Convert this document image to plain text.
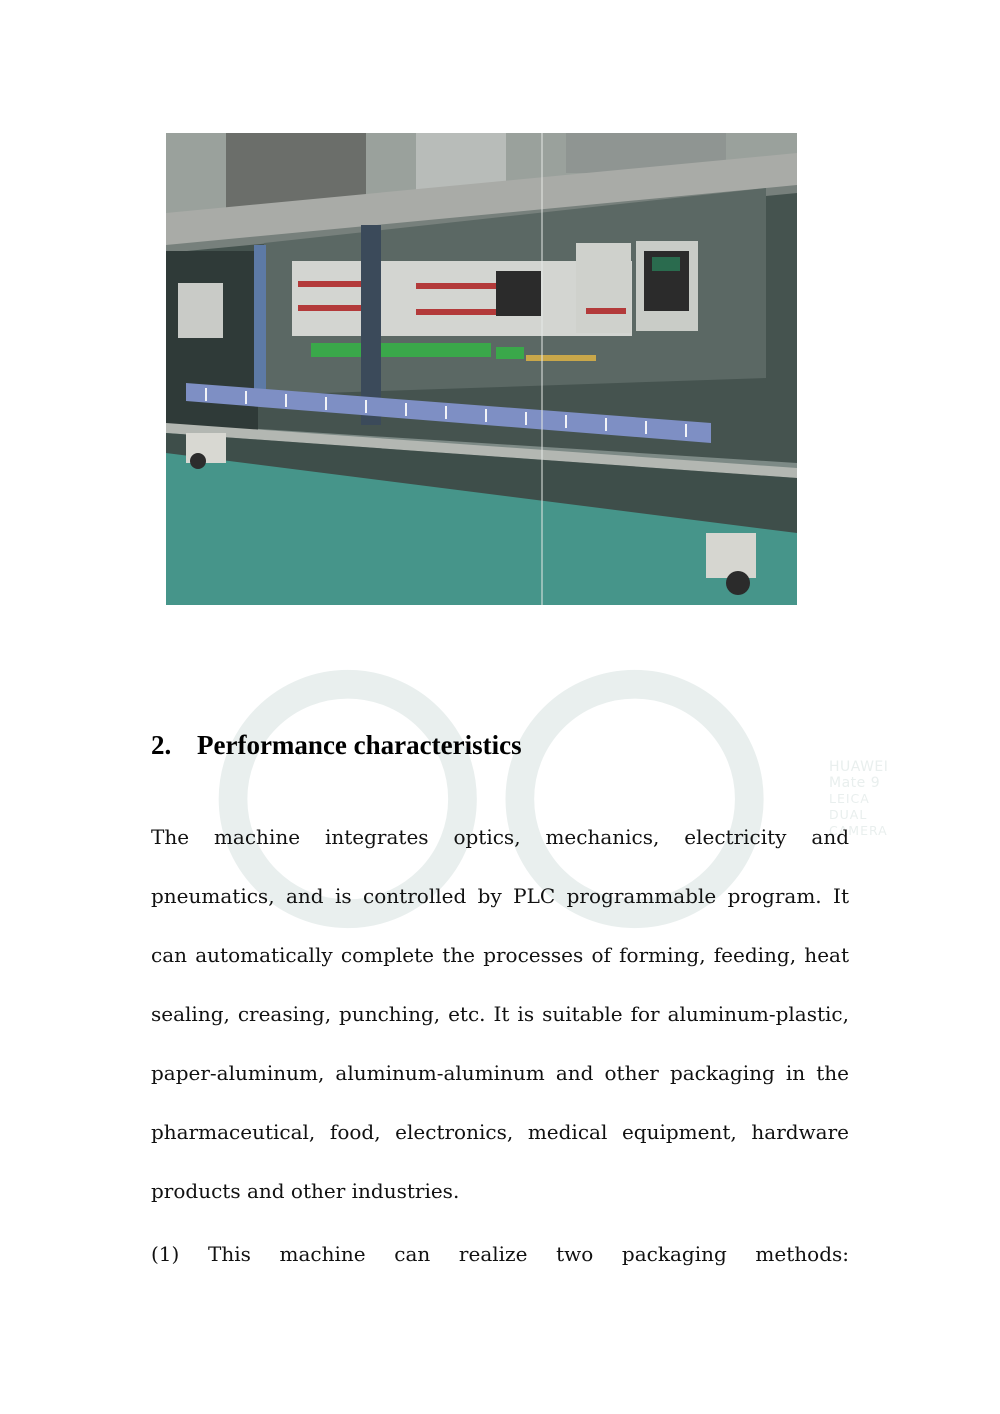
HUAWEI Mate 9
LEICA DUAL CAMERA
2. Performance characteristics
The machine integrates optics, mechanics, electricity and
pneumatics, and is controlled by PLC programmable program. It
can automatically complete the processes of forming, feeding, heat
sealing, creasing, punching, etc. It is suitable for aluminum-plastic,
paper-aluminum, aluminum-aluminum and other packaging in the
pharmaceutical, food, electronics, medical equipment, hardware
products and other industries.
(1) This machine can realize two packaging methods:
